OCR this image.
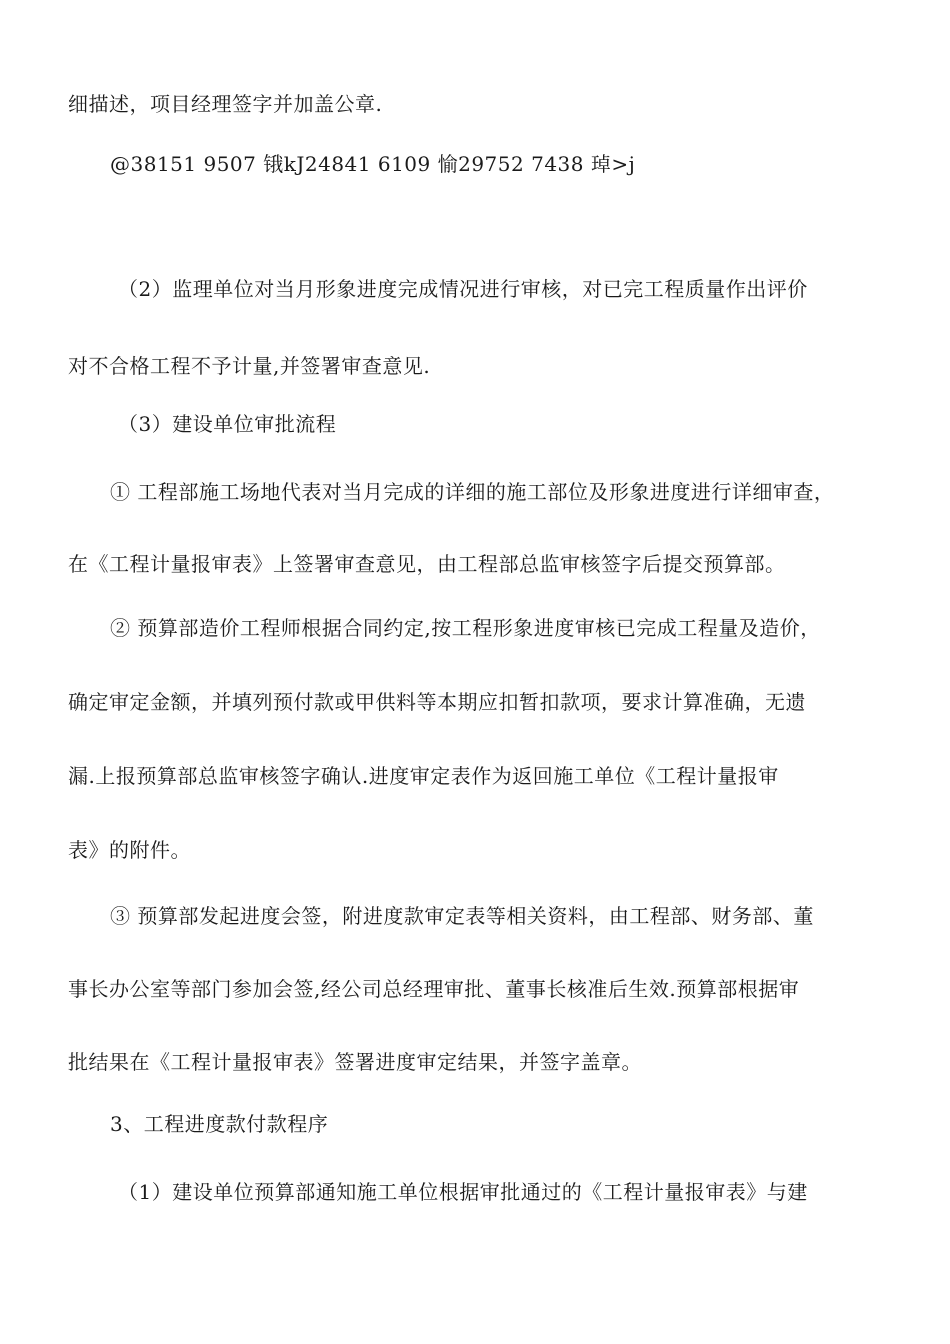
细描述，项目经理签字并加盖公章.
@38151 9507 锇kJ24841 6109 愉29752 7438 琸>j
（2）监理单位对当月形象进度完成情况进行审核，对已完工程质量作出评价
对不合格工程不予计量,并签署审查意见.
（3）建设单位审批流程
① 工程部施工场地代表对当月完成的详细的施工部位及形象进度进行详细审查，
在《工程计量报审表》上签署审查意见，由工程部总监审核签字后提交预算部。
② 预算部造价工程师根据合同约定,按工程形象进度审核已完成工程量及造价，
确定审定金额，并填列预付款或甲供料等本期应扣暂扣款项，要求计算准确，无遗
漏.上报预算部总监审核签字确认.进度审定表作为返回施工单位《工程计量报审
表》的附件。
③ 预算部发起进度会签，附进度款审定表等相关资料，由工程部、财务部、董
事长办公室等部门参加会签,经公司总经理审批、董事长核准后生效.预算部根据审
批结果在《工程计量报审表》签署进度审定结果，并签字盖章。
3、工程进度款付款程序
（1）建设单位预算部通知施工单位根据审批通过的《工程计量报审表》与建
